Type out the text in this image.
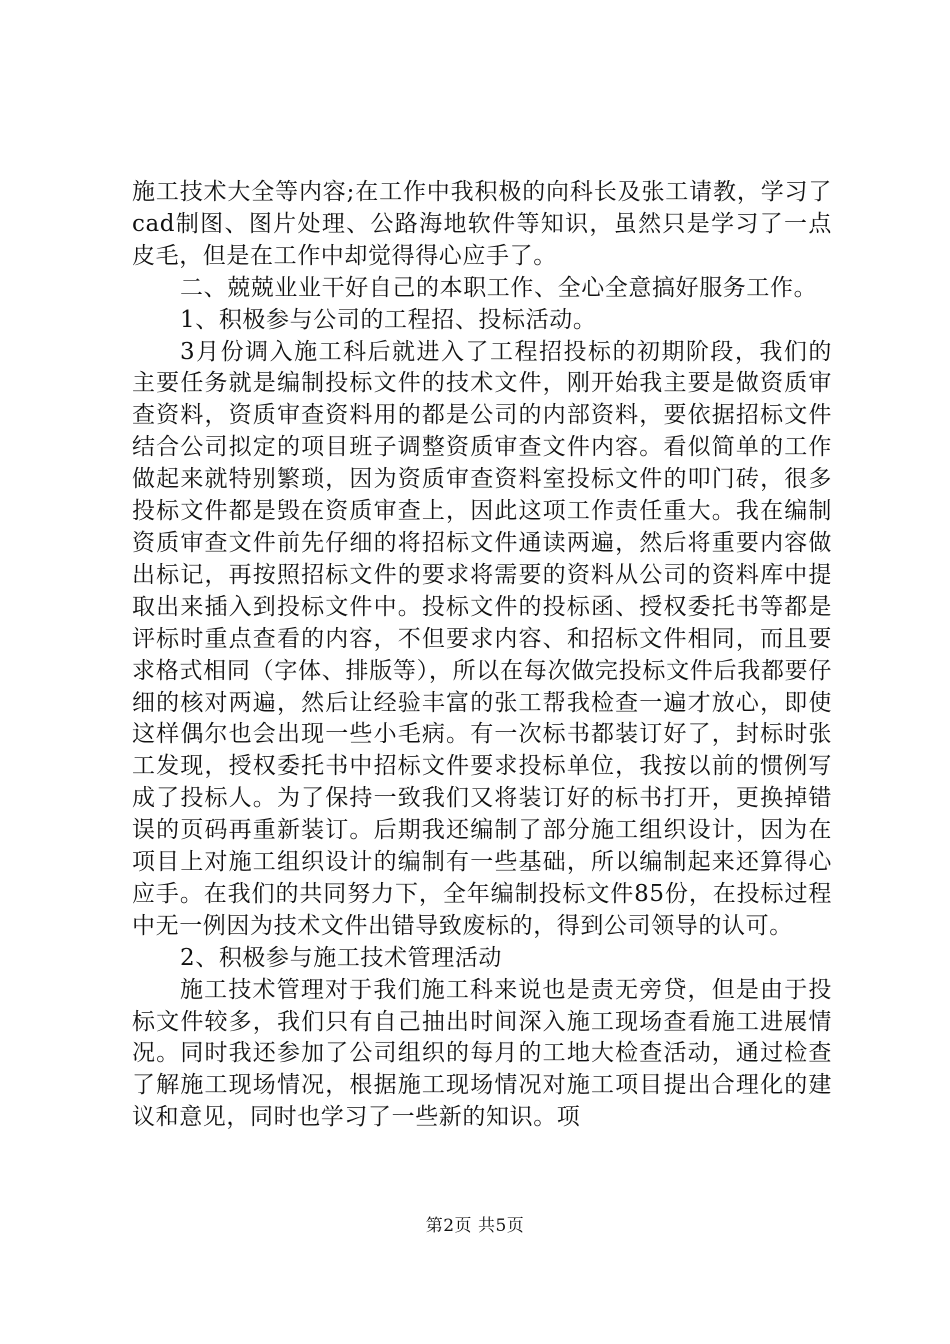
施工技术大全等内容;在工作中我积极的向科长及张工请教，学习了cad制图、图片处理、公路海地软件等知识，虽然只是学习了一点皮毛，但是在工作中却觉得得心应手了。

二、兢兢业业干好自己的本职工作、全心全意搞好服务工作。

1、积极参与公司的工程招、投标活动。

3月份调入施工科后就进入了工程招投标的初期阶段，我们的主要任务就是编制投标文件的技术文件，刚开始我主要是做资质审查资料，资质审查资料用的都是公司的内部资料，要依据招标文件结合公司拟定的项目班子调整资质审查文件内容。看似简单的工作做起来就特别繁琐，因为资质审查资料室投标文件的叩门砖，很多投标文件都是毁在资质审查上，因此这项工作责任重大。我在编制资质审查文件前先仔细的将招标文件通读两遍，然后将重要内容做出标记，再按照招标文件的要求将需要的资料从公司的资料库中提取出来插入到投标文件中。投标文件的投标函、授权委托书等都是评标时重点查看的内容，不但要求内容、和招标文件相同，而且要求格式相同（字体、排版等），所以在每次做完投标文件后我都要仔细的核对两遍，然后让经验丰富的张工帮我检查一遍才放心，即使这样偶尔也会出现一些小毛病。有一次标书都装订好了，封标时张工发现，授权委托书中招标文件要求投标单位，我按以前的惯例写成了投标人。为了保持一致我们又将装订好的标书打开，更换掉错误的页码再重新装订。后期我还编制了部分施工组织设计，因为在项目上对施工组织设计的编制有一些基础，所以编制起来还算得心应手。在我们的共同努力下，全年编制投标文件85份，在投标过程中无一例因为技术文件出错导致废标的，得到公司领导的认可。

2、积极参与施工技术管理活动

施工技术管理对于我们施工科来说也是责无旁贷，但是由于投标文件较多，我们只有自己抽出时间深入施工现场查看施工进展情况。同时我还参加了公司组织的每月的工地大检查活动，通过检查了解施工现场情况，根据施工现场情况对施工项目提出合理化的建议和意见，同时也学习了一些新的知识。项

第2页 共5页
